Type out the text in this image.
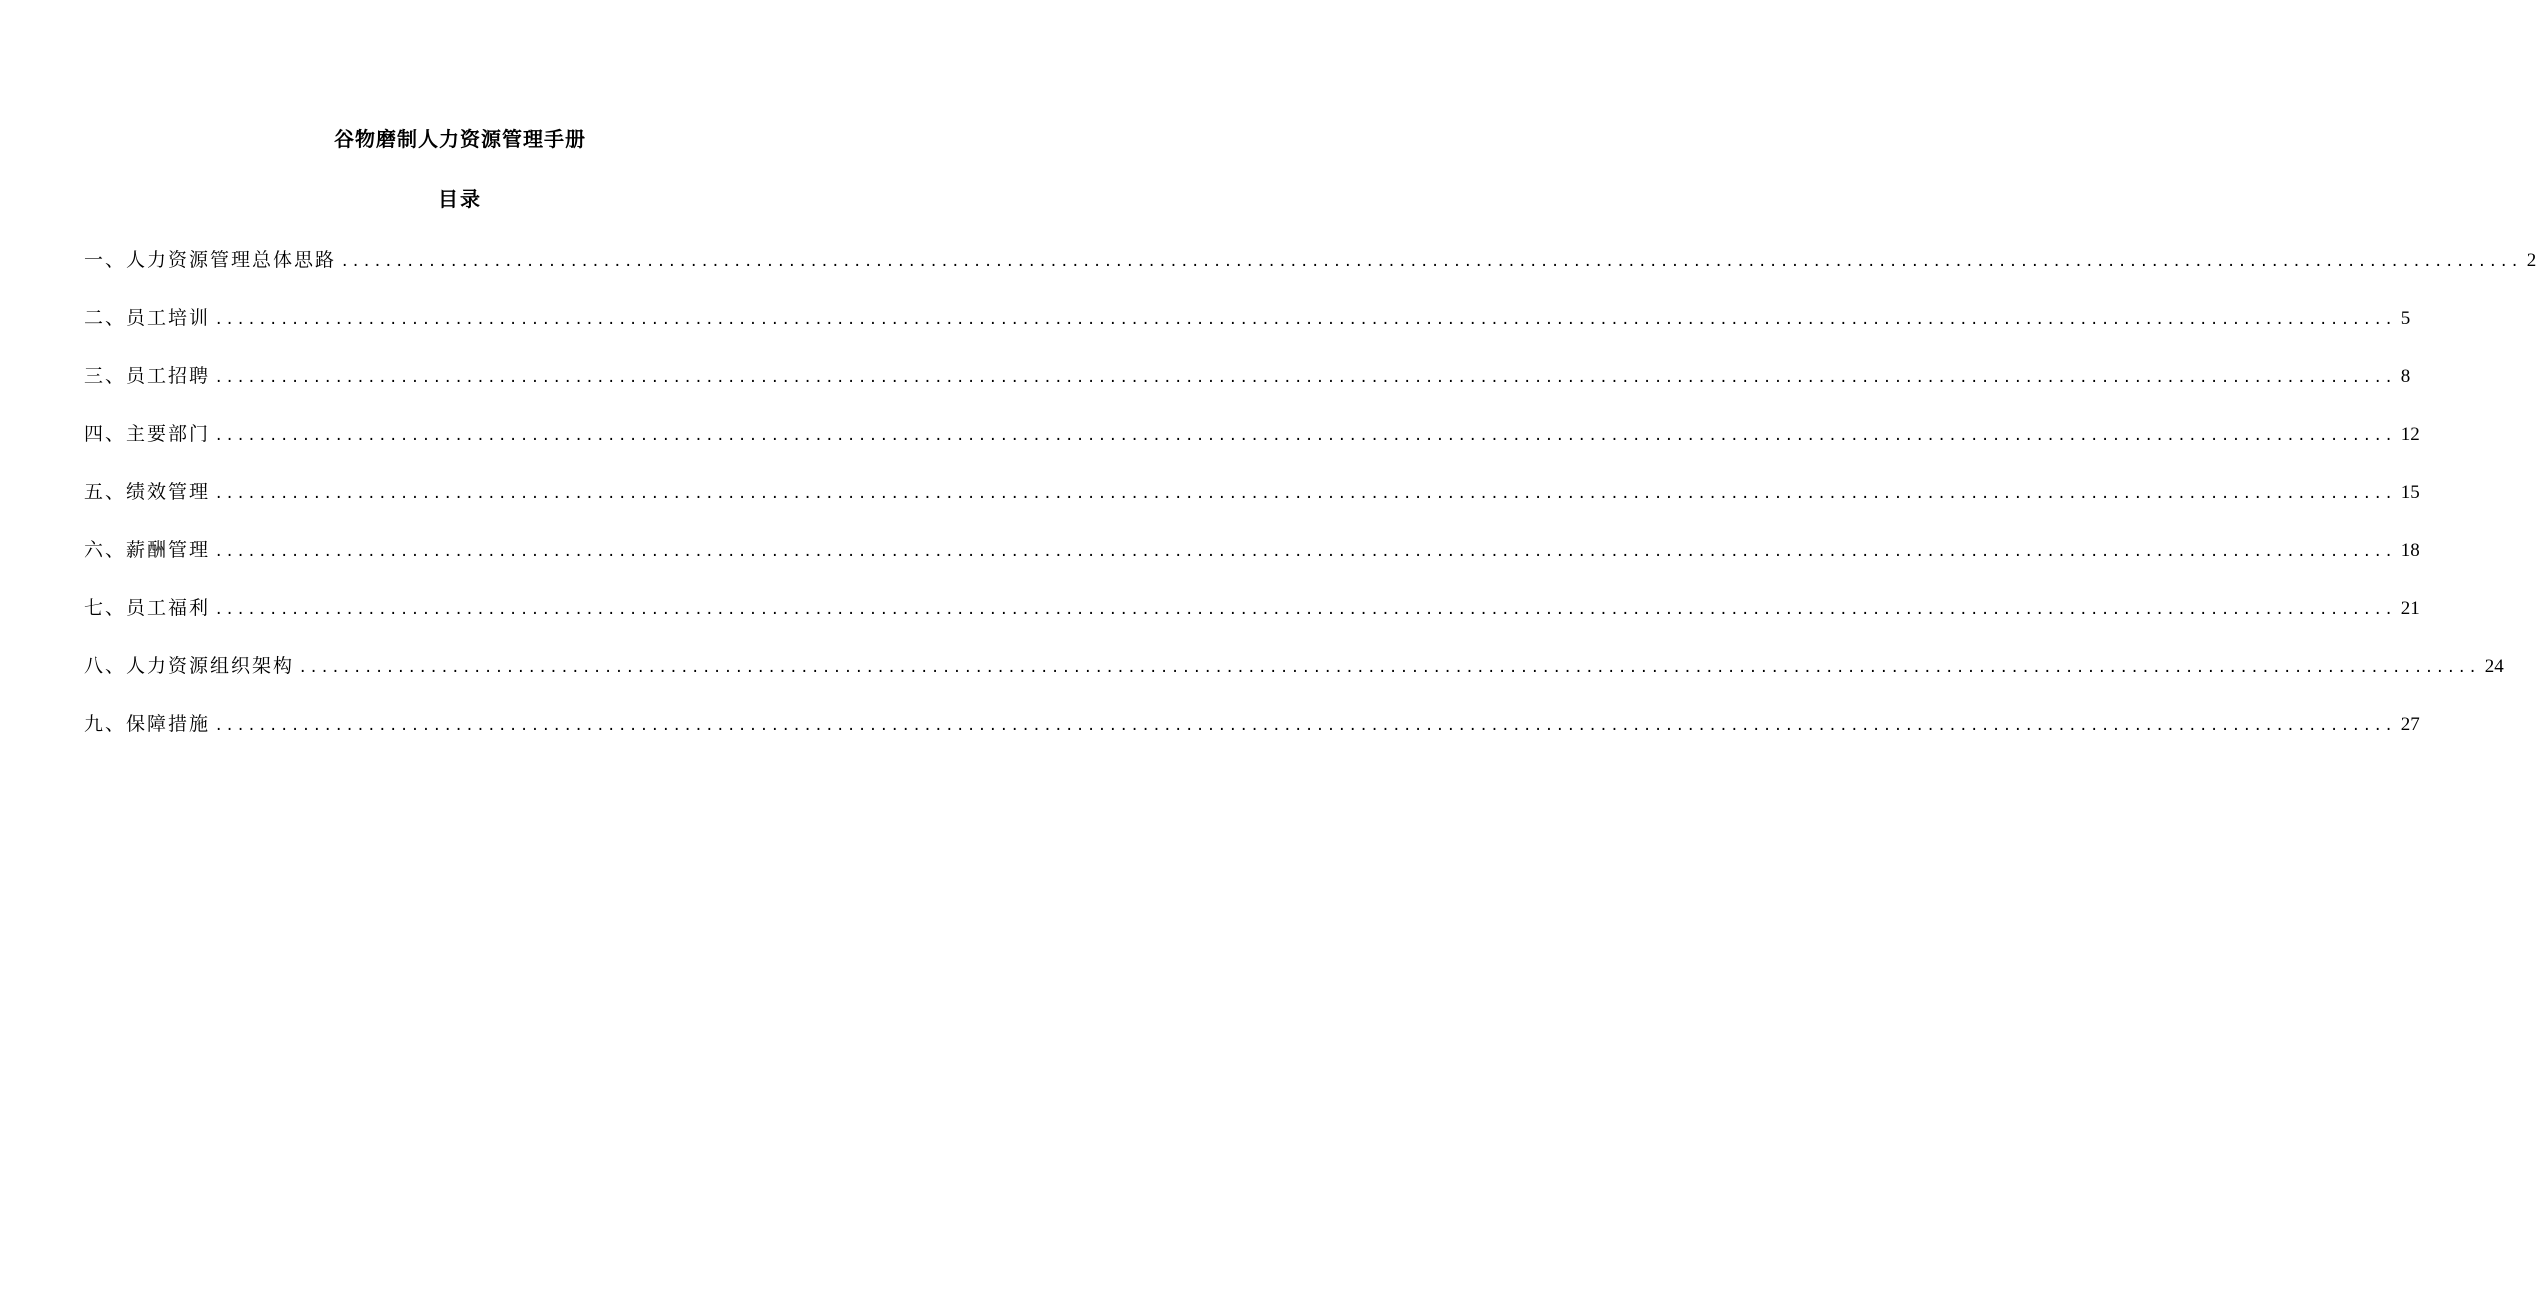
谷物磨制人力资源管理手册
目录
一、人力资源管理总体思路 ........................................................................................................................................................................................................ 2
二、员工培训 ........................................................................................................................................................................................................ 5
三、员工招聘 ........................................................................................................................................................................................................ 8
四、主要部门 ........................................................................................................................................................................................................ 12
五、绩效管理 ........................................................................................................................................................................................................ 15
六、薪酬管理 ........................................................................................................................................................................................................ 18
七、员工福利 ........................................................................................................................................................................................................ 21
八、人力资源组织架构 ........................................................................................................................................................................................................ 24
九、保障措施 ........................................................................................................................................................................................................ 27
